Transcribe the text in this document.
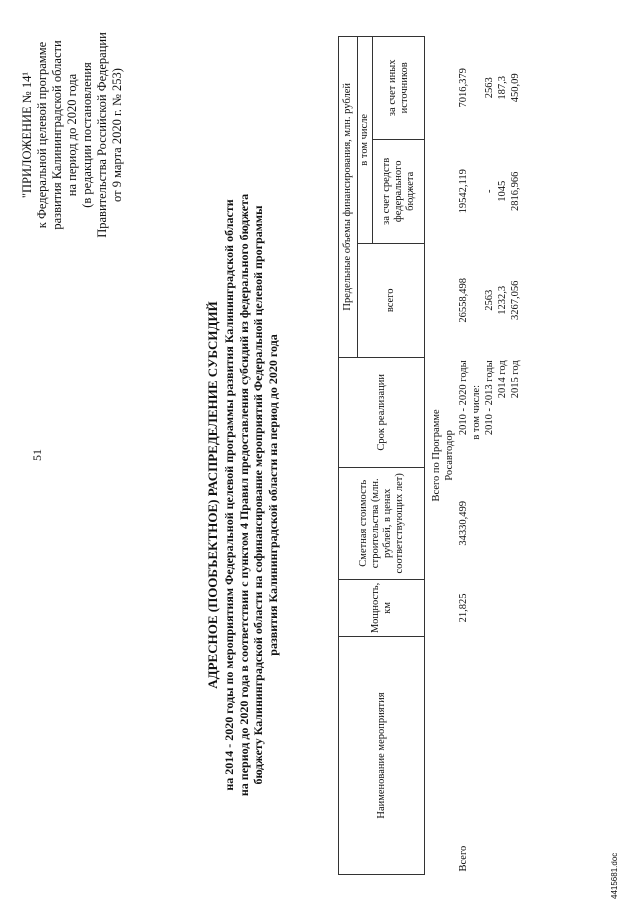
51
"ПРИЛОЖЕНИЕ № 14¹ к Федеральной целевой программе развития Калининградской области на период до 2020 года (в редакции постановления Правительства Российской Федерации от 9 марта 2020 г. № 253)
АДРЕСНОЕ (ПООБЪЕКТНОЕ) РАСПРЕДЕЛЕНИЕ СУБСИДИЙ на 2014 - 2020 годы по мероприятиям Федеральной целевой программы развития Калининградской области на период до 2020 года в соответствии с пунктом 4 Правил предоставления субсидий из федерального бюджета бюджету Калининградской области на софинансирование мероприятий Федеральной целевой программы развития Калининградской области на период до 2020 года
Наименование мероприятия	Мощность, км	Сметная стоимость строительства (млн. рублей, в ценах соответствующих лет)	Срок реализации	Предельные объемы финансирования, млн. рублей		
				всего	в том числе	
					за счет средств федерального бюджета	за счет иных источников

Всего по Программе Росавтодор						

Всего	21,825	34330,499	2010 - 2020 годы	26558,498	19542,119	7016,379
			в том числе:			
			2010 - 2013 годы	2563	-	2563
			2014 год	1232,3	1045	187,3
			2015 год	3267,056	2816,966	450,09
4415681.doc
